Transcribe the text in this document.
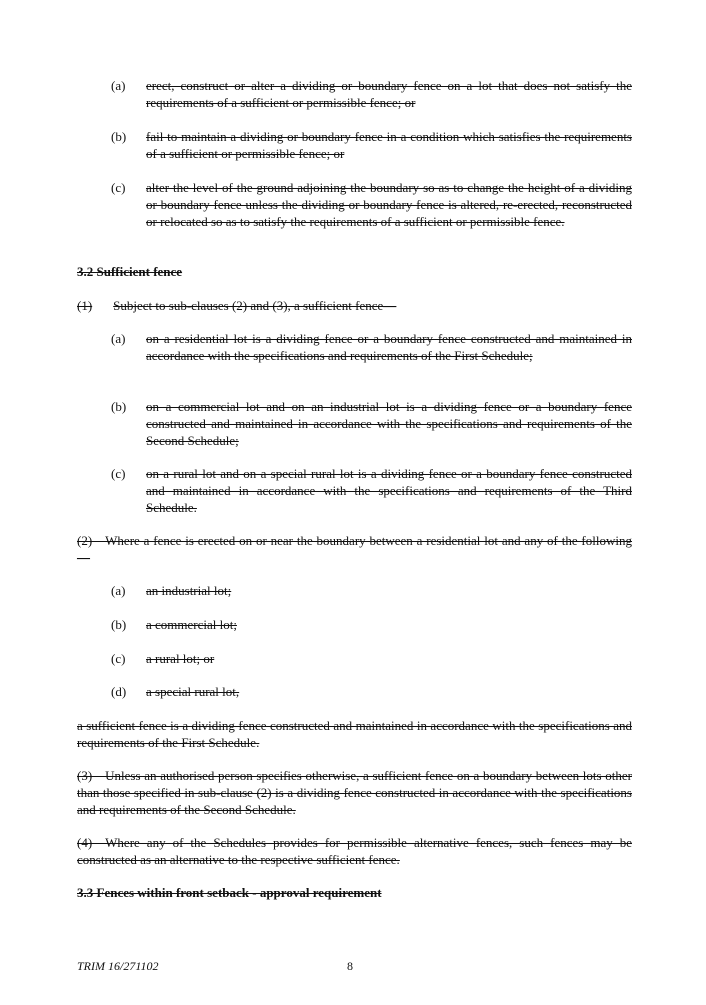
(a) erect, construct or alter a dividing or boundary fence on a lot that does not satisfy the requirements of a sufficient or permissible fence; or
(b) fail to maintain a dividing or boundary fence in a condition which satisfies the requirements of a sufficient or permissible fence; or
(c) alter the level of the ground adjoining the boundary so as to change the height of a dividing or boundary fence unless the dividing or boundary fence is altered, re-erected, reconstructed or relocated so as to satisfy the requirements of a sufficient or permissible fence.
3.2 Sufficient fence
(1) Subject to sub-clauses (2) and (3), a sufficient fence—
(a) on a residential lot is a dividing fence or a boundary fence constructed and maintained in accordance with the specifications and requirements of the First Schedule;
(b) on a commercial lot and on an industrial lot is a dividing fence or a boundary fence constructed and maintained in accordance with the specifications and requirements of the Second Schedule;
(c) on a rural lot and on a special rural lot is a dividing fence or a boundary fence constructed and maintained in accordance with the specifications and requirements of the Third Schedule.
(2) Where a fence is erected on or near the boundary between a residential lot and any of the following—
(a) an industrial lot;
(b) a commercial lot;
(c) a rural lot; or
(d) a special rural lot,
a sufficient fence is a dividing fence constructed and maintained in accordance with the specifications and requirements of the First Schedule.
(3) Unless an authorised person specifies otherwise, a sufficient fence on a boundary between lots other than those specified in sub-clause (2) is a dividing fence constructed in accordance with the specifications and requirements of the Second Schedule.
(4) Where any of the Schedules provides for permissible alternative fences, such fences may be constructed as an alternative to the respective sufficient fence.
3.3 Fences within front setback - approval requirement
TRIM 16/271102	8
